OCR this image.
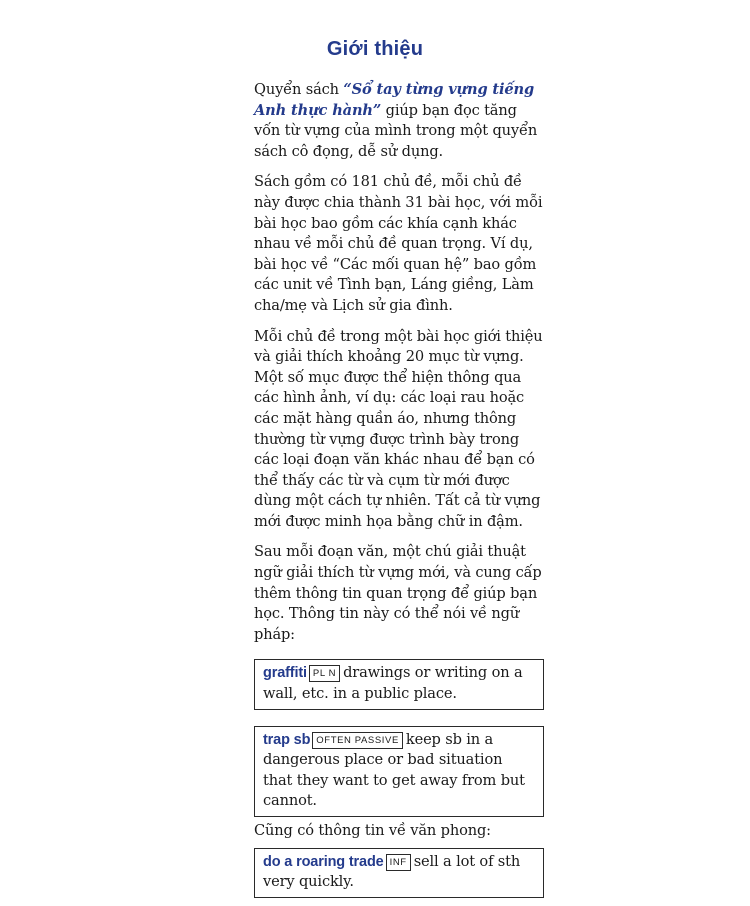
Giới thiệu

Quyển sách “Sổ tay từng vựng tiếng Anh thực hành” giúp bạn đọc tăng vốn từ vựng của mình trong một quyển sách cô đọng, dễ sử dụng.

Sách gồm có 181 chủ đề, mỗi chủ đề này được chia thành 31 bài học, với mỗi bài học bao gồm các khía cạnh khác nhau về mỗi chủ đề quan trọng. Ví dụ, bài học về “Các mối quan hệ” bao gồm các unit về Tình bạn, Láng giềng, Làm cha/mẹ và Lịch sử gia đình.

Mỗi chủ đề trong một bài học giới thiệu và giải thích khoảng 20 mục từ vựng. Một số mục được thể hiện thông qua các hình ảnh, ví dụ: các loại rau hoặc các mặt hàng quần áo, nhưng thông thường từ vựng được trình bày trong các loại đoạn văn khác nhau để bạn có thể thấy các từ và cụm từ mới được dùng một cách tự nhiên. Tất cả từ vựng mới được minh họa bằng chữ in đậm.

Sau mỗi đoạn văn, một chú giải thuật ngữ giải thích từ vựng mới, và cung cấp thêm thông tin quan trọng để giúp bạn học. Thông tin này có thể nói về ngữ pháp:

graffiti PL N drawings or writing on a wall, etc. in a public place.
trap sb OFTEN PASSIVE keep sb in a dangerous place or bad situation that they want to get away from but cannot.

Cũng có thông tin về văn phong:

do a roaring trade INF sell a lot of sth very quickly.
